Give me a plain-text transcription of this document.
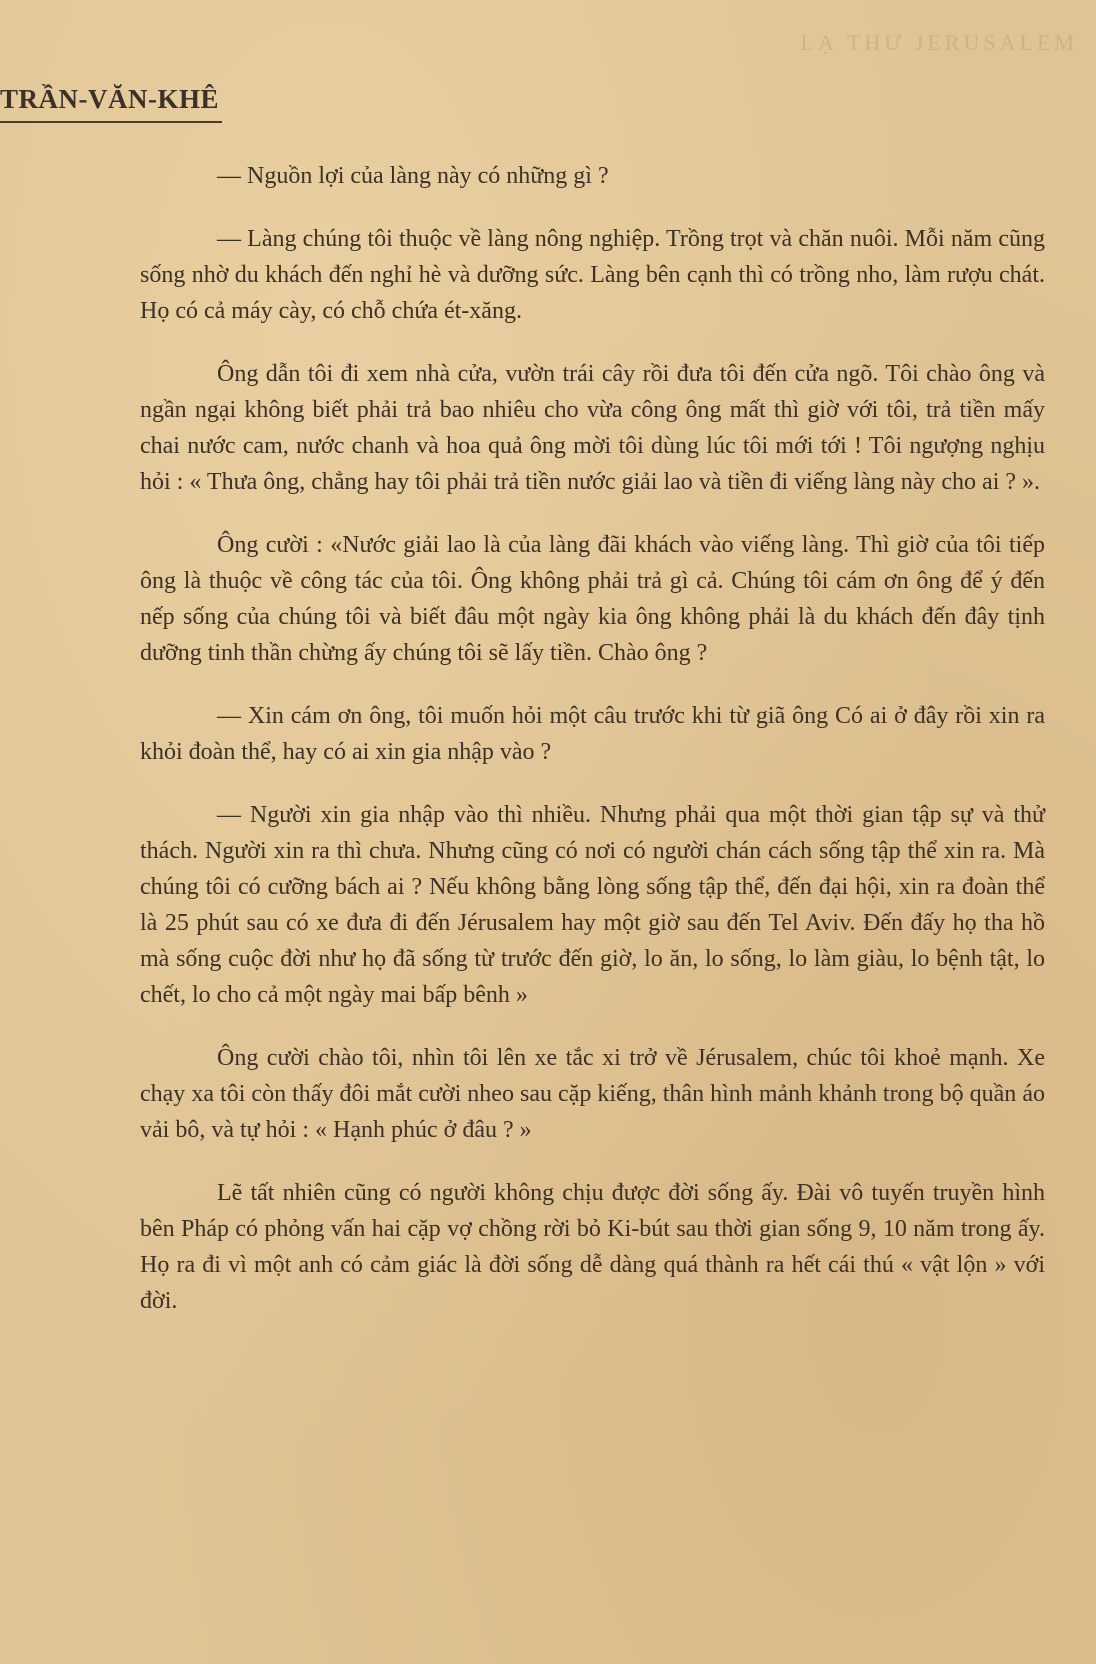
LẠ THƯ JERUSALEM
TRẦN-VĂN-KHÊ

— Nguồn lợi của làng này có những gì ?

— Làng chúng tôi thuộc về làng nông nghiệp. Trồng trọt và chăn nuôi. Mỗi năm cũng sống nhờ du khách đến nghỉ hè và dưỡng sức. Làng bên cạnh thì có trồng nho, làm rượu chát. Họ có cả máy cày, có chỗ chứa ét-xăng.

Ông dẫn tôi đi xem nhà cửa, vườn trái cây rồi đưa tôi đến cửa ngõ. Tôi chào ông và ngần ngại không biết phải trả bao nhiêu cho vừa công ông mất thì giờ với tôi, trả tiền mấy chai nước cam, nước chanh và hoa quả ông mời tôi dùng lúc tôi mới tới ! Tôi ngượng nghịu hỏi : « Thưa ông, chẳng hay tôi phải trả tiền nước giải lao và tiền đi viếng làng này cho ai ? ».

Ông cười : «Nước giải lao là của làng đãi khách vào viếng làng. Thì giờ của tôi tiếp ông là thuộc về công tác của tôi. Ông không phải trả gì cả. Chúng tôi cám ơn ông để ý đến nếp sống của chúng tôi và biết đâu một ngày kia ông không phải là du khách đến đây tịnh dưỡng tinh thần chừng ấy chúng tôi sẽ lấy tiền. Chào ông ?

— Xin cám ơn ông, tôi muốn hỏi một câu trước khi từ giã ông Có ai ở đây rồi xin ra khỏi đoàn thể, hay có ai xin gia nhập vào ?

— Người xin gia nhập vào thì nhiều. Nhưng phải qua một thời gian tập sự và thử thách. Người xin ra thì chưa. Nhưng cũng có nơi có người chán cách sống tập thể xin ra. Mà chúng tôi có cưỡng bách ai ? Nếu không bằng lòng sống tập thể, đến đại hội, xin ra đoàn thể là 25 phút sau có xe đưa đi đến Jérusalem hay một giờ sau đến Tel Aviv. Đến đấy họ tha hồ mà sống cuộc đời như họ đã sống từ trước đến giờ, lo ăn, lo sống, lo làm giàu, lo bệnh tật, lo chết, lo cho cả một ngày mai bấp bênh »

Ông cười chào tôi, nhìn tôi lên xe tắc xi trở về Jérusalem, chúc tôi khoẻ mạnh. Xe chạy xa tôi còn thấy đôi mắt cười nheo sau cặp kiếng, thân hình mảnh khảnh trong bộ quần áo vải bô, và tự hỏi : « Hạnh phúc ở đâu ? »

Lẽ tất nhiên cũng có người không chịu được đời sống ấy. Đài vô tuyến truyền hình bên Pháp có phỏng vấn hai cặp vợ chồng rời bỏ Ki-bút sau thời gian sống 9, 10 năm trong ấy. Họ ra đi vì một anh có cảm giác là đời sống dễ dàng quá thành ra hết cái thú « vật lộn » với đời.
